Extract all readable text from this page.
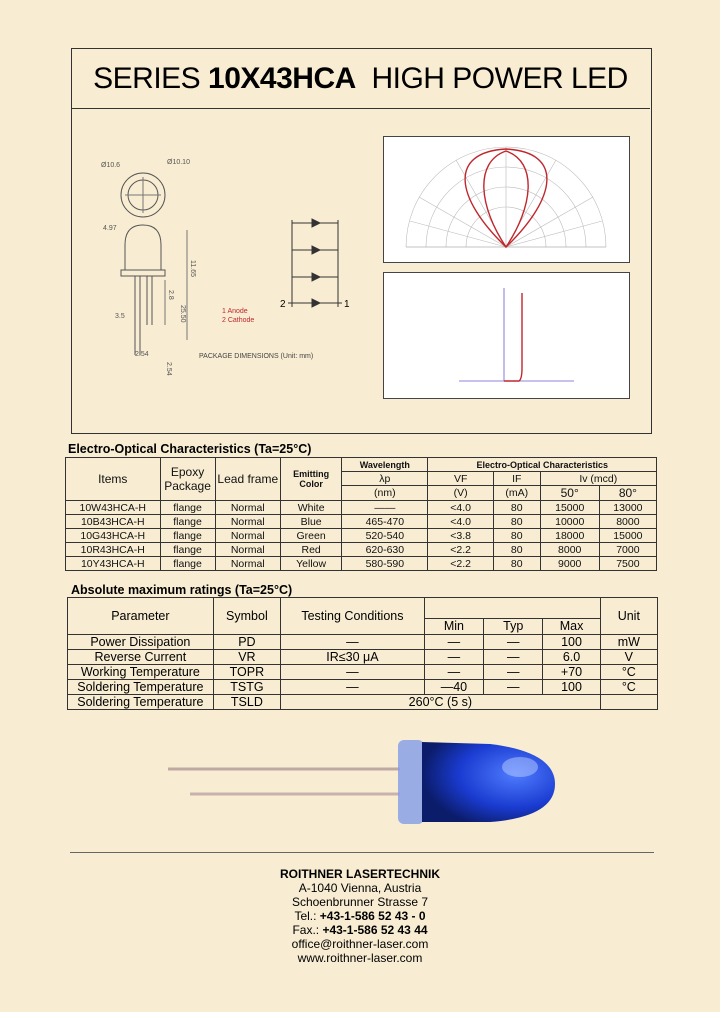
SERIES 10X43HCA HIGH POWER LED
Ø10.6	Ø10.10
4.97
11.65
2.8
25.50
3.5
2.54
2.54
PACKAGE DIMENSIONS (Unit: mm)
2	1
1 Anode
2 Cathode
Electro-Optical Characteristics (Ta=25°C)
Items	Epoxy Package	Lead frame	Emitting Color	Wavelength	Electro-Optical Characteristics			
				λp	VF	IF	Iv (mcd)	
				(nm)	(V)	(mA)	50°	80°
10W43HCA-H	flange	Normal	White	——	<4.0	80	15000	13000
10B43HCA-H	flange	Normal	Blue	465-470	<4.0	80	10000	8000
10G43HCA-H	flange	Normal	Green	520-540	<3.8	80	18000	15000
10R43HCA-H	flange	Normal	Red	620-630	<2.2	80	8000	7000
10Y43HCA-H	flange	Normal	Yellow	580-590	<2.2	80	9000	7500
Absolute maximum ratings (Ta=25°C)
Parameter	Symbol	Testing Conditions				Unit
			Min	Typ	Max	
Power Dissipation	PD	—	—	—	100	mW
Reverse Current	VR	IR≤30 μA	—	—	6.0	V
Working Temperature	TOPR	—	—	—	+70	°C
Soldering Temperature	TSTG	—	—40	—	100	°C
Soldering Temperature	TSLD	260°C (5 s)				
ROITHNER LASERTECHNIK
A-1040 Vienna, Austria
Schoenbrunner Strasse 7
Tel.: +43-1-586 52 43 - 0
Fax.: +43-1-586 52 43 44
office@roithner-laser.com
www.roithner-laser.com
